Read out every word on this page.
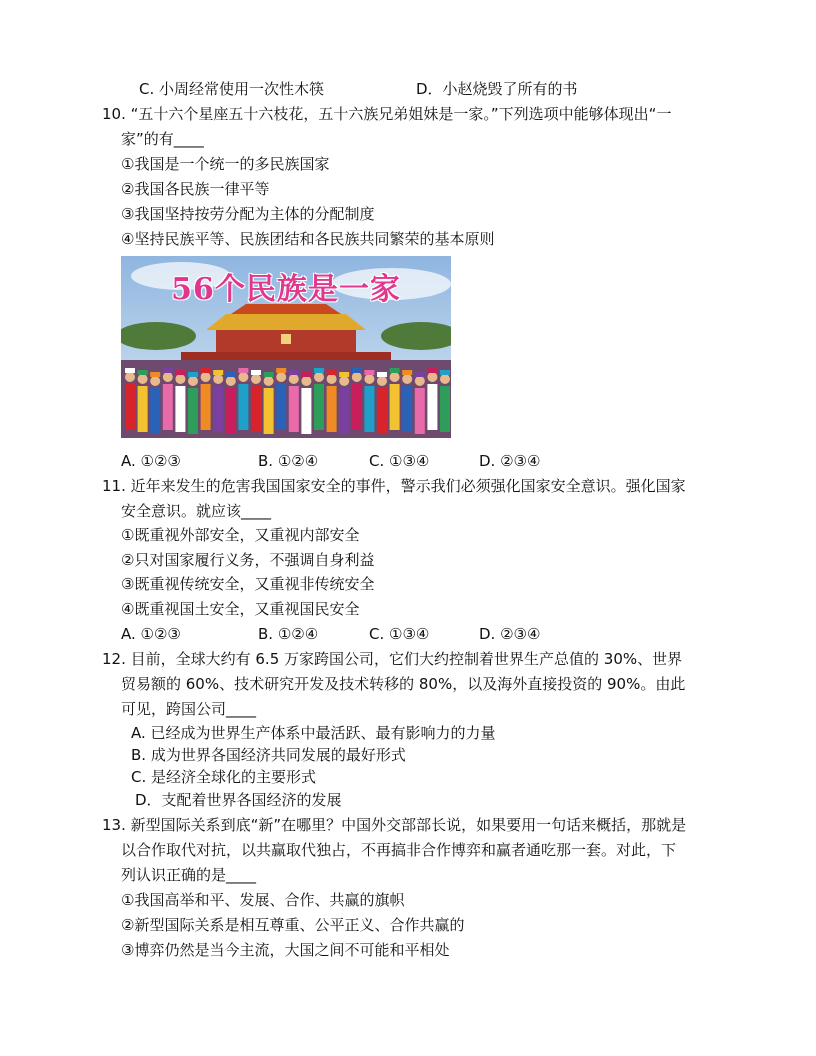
C. 小周经常使用一次性木筷	D．小赵烧毁了所有的书
10. “五十六个星座五十六枝花，五十六族兄弟姐妹是一家。”下列选项中能够体现出“一
家”的有____
①我国是一个统一的多民族国家
②我国各民族一律平等
③我国坚持按劳分配为主体的分配制度
④坚持民族平等、民族团结和各民族共同繁荣的基本原则
56个民族是一家
A. ①②③	B. ①②④	C. ①③④	D. ②③④
11. 近年来发生的危害我国国家安全的事件，警示我们必须强化国家安全意识。强化国家
安全意识。就应该____
①既重视外部安全，又重视内部安全
②只对国家履行义务，不强调自身利益
③既重视传统安全，又重视非传统安全
④既重视国土安全，又重视国民安全
A. ①②③	B. ①②④	C. ①③④	D. ②③④
12. 目前，全球大约有 6.5 万家跨国公司，它们大约控制着世界生产总值的 30%、世界
贸易额的 60%、技术研究开发及技术转移的 80%，以及海外直接投资的 90%。由此
可见，跨国公司____
A. 已经成为世界生产体系中最活跃、最有影响力的力量
B. 成为世界各国经济共同发展的最好形式
C. 是经济全球化的主要形式
D．支配着世界各国经济的发展
13. 新型国际关系到底“新”在哪里？中国外交部部长说，如果要用一句话来概括，那就是
以合作取代对抗，以共赢取代独占，不再搞非合作博弈和赢者通吃那一套。对此，下
列认识正确的是____
①我国高举和平、发展、合作、共赢的旗帜
②新型国际关系是相互尊重、公平正义、合作共赢的
③博弈仍然是当今主流，大国之间不可能和平相处
